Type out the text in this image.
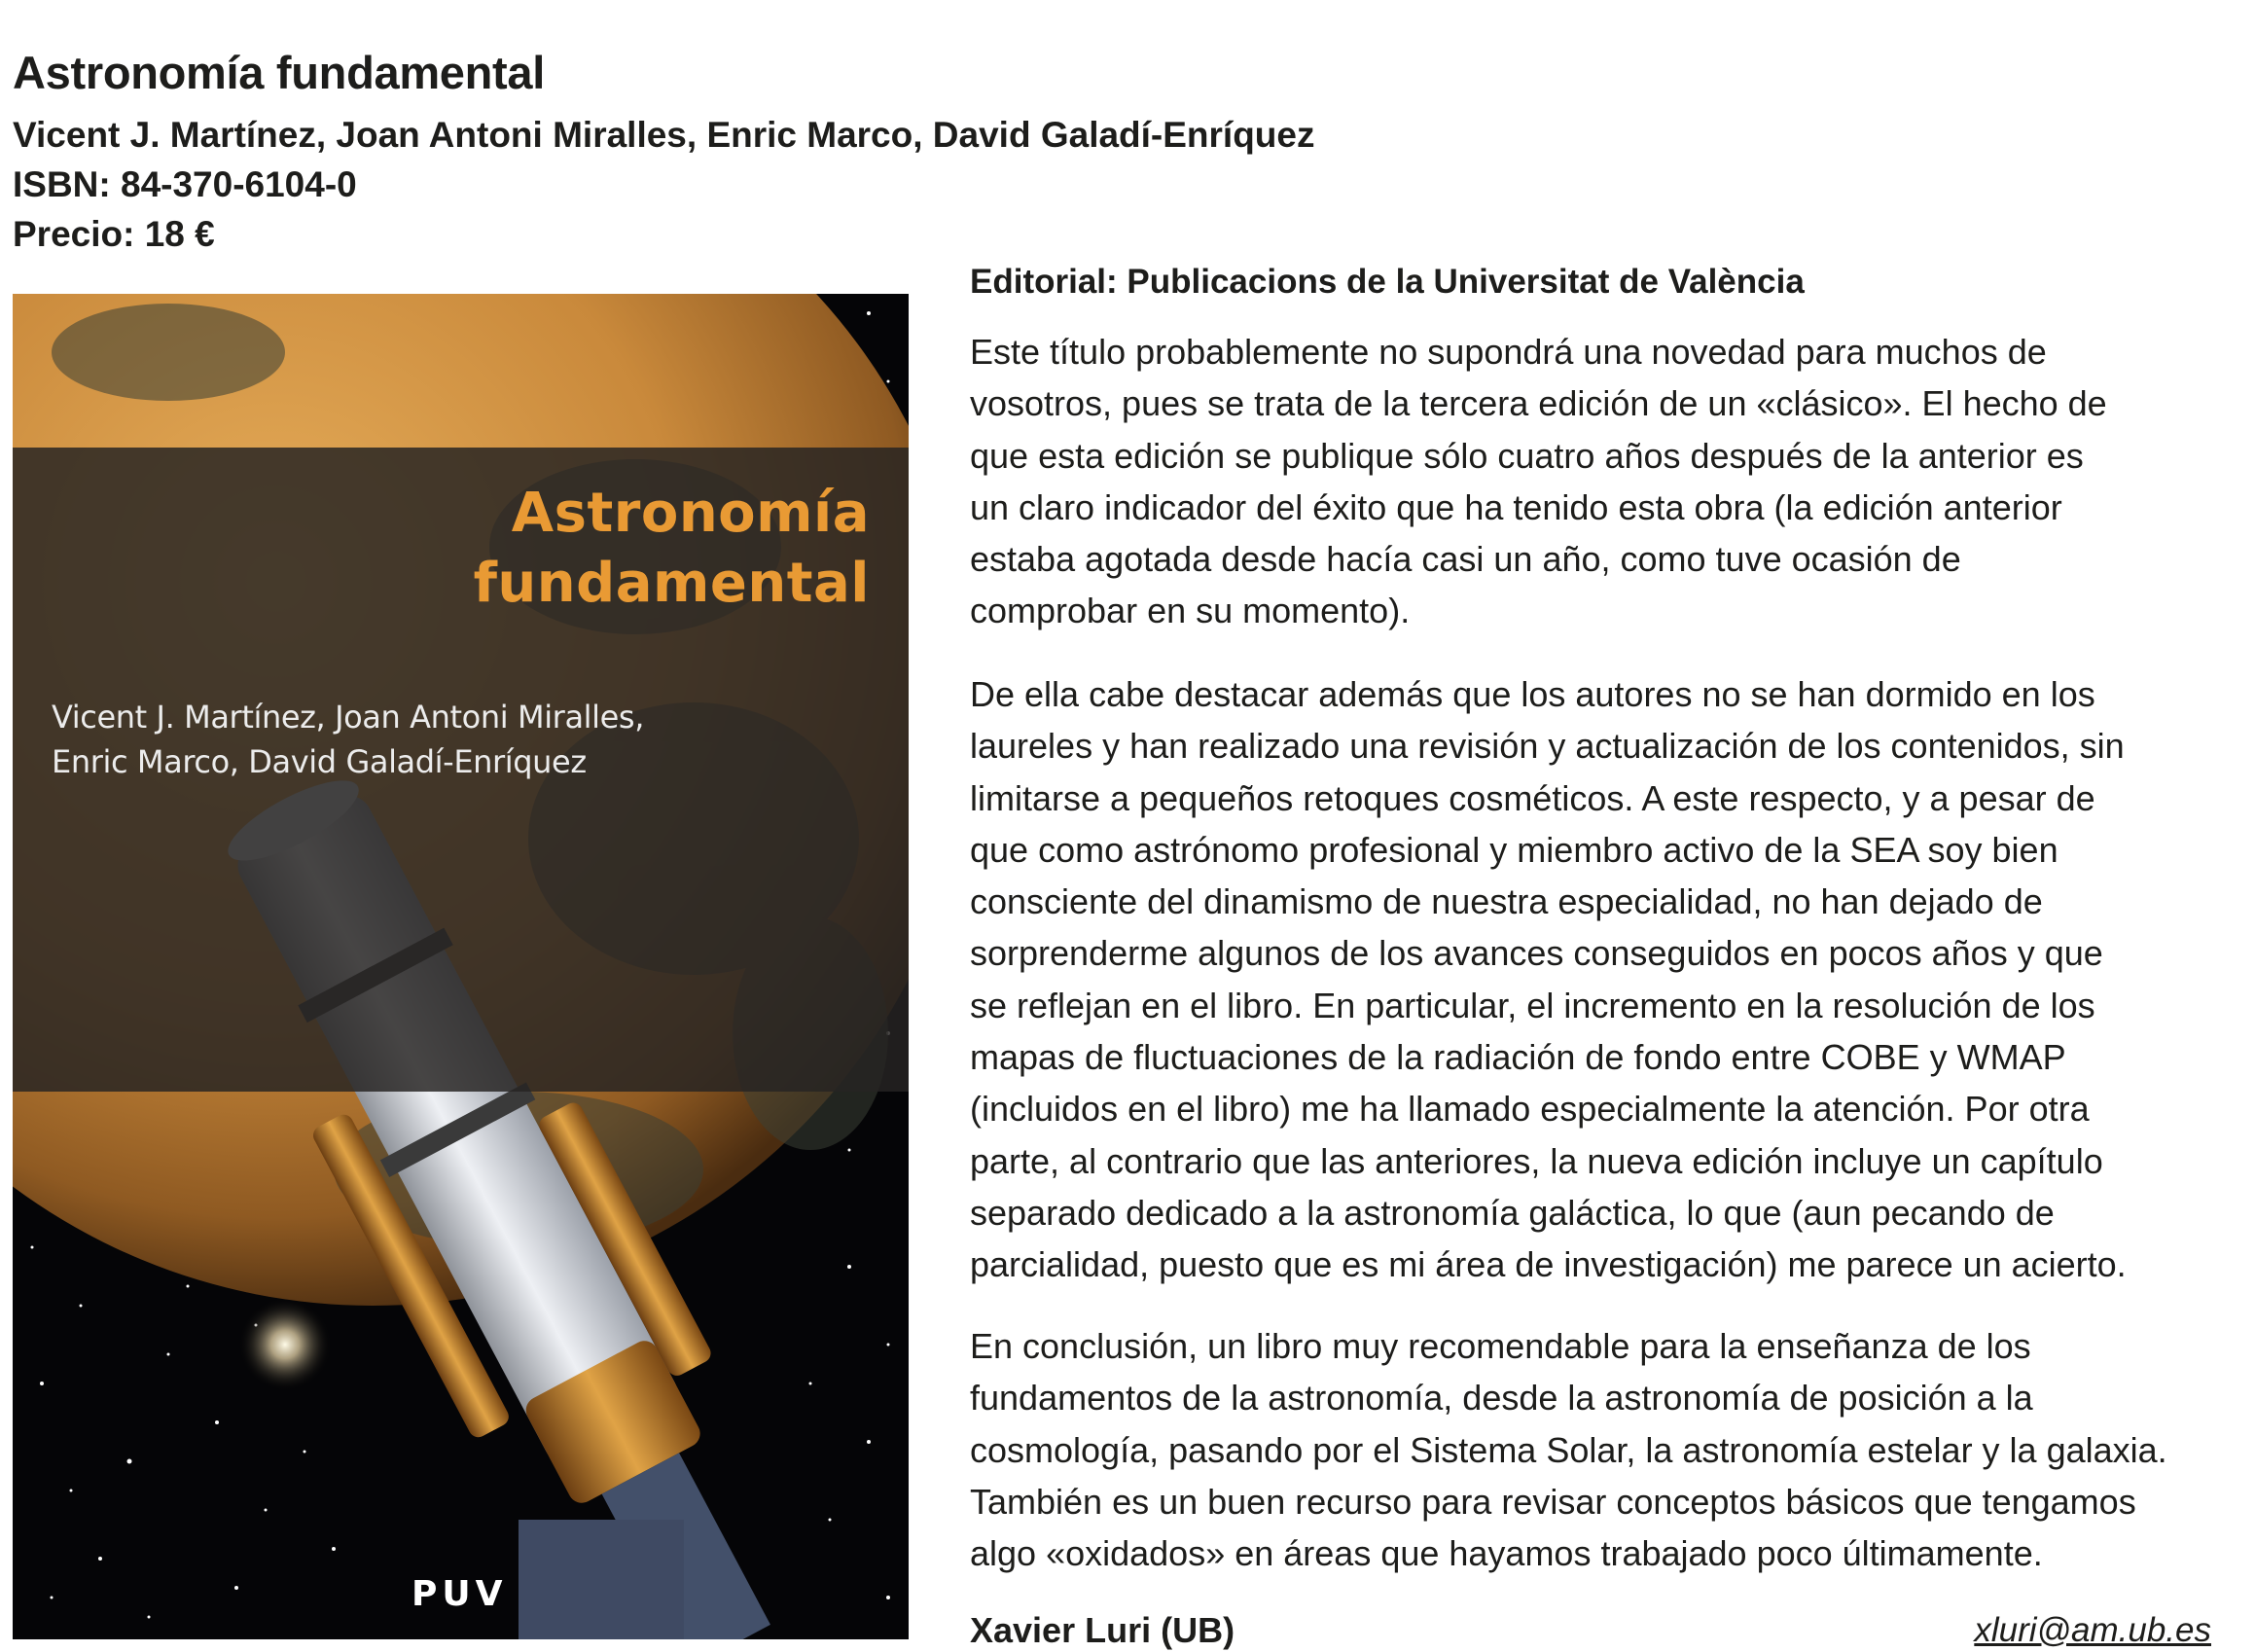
Astronomía fundamental
Vicent J. Martínez, Joan Antoni Miralles, Enric Marco, David Galadí-Enríquez
ISBN: 84-370-6104-0
Precio: 18 €
Astronomía
fundamental
Vicent J. Martínez, Joan Antoni Miralles,
Enric Marco, David Galadí-Enríquez
PUV
Editorial: Publicacions de la Universitat de València
Este título probablemente no supondrá una novedad para muchos de
vosotros, pues se trata de la tercera edición de un «clásico». El hecho de
que esta edición se publique sólo cuatro años después de la anterior es
un claro indicador del éxito que ha tenido esta obra (la edición anterior
estaba agotada desde hacía casi un año, como tuve ocasión de
comprobar en su momento).
De ella cabe destacar además que los autores no se han dormido en los
laureles y han realizado una revisión y actualización de los contenidos, sin
limitarse a pequeños retoques cosméticos. A este respecto, y a pesar de
que como astrónomo profesional y miembro activo de la SEA soy bien
consciente del dinamismo de nuestra especialidad, no han dejado de
sorprenderme algunos de los avances conseguidos en pocos años y que
se reflejan en el libro. En particular, el incremento en la resolución de los
mapas de fluctuaciones de la radiación de fondo entre COBE y WMAP
(incluidos en el libro) me ha llamado especialmente la atención. Por otra
parte, al contrario que las anteriores, la nueva edición incluye un capítulo
separado dedicado a la astronomía galáctica, lo que (aun pecando de
parcialidad, puesto que es mi área de investigación) me parece un acierto.
En conclusión, un libro muy recomendable para la enseñanza de los
fundamentos de la astronomía, desde la astronomía de posición a la
cosmología, pasando por el Sistema Solar, la astronomía estelar y la galaxia.
También es un buen recurso para revisar conceptos básicos que tengamos
algo «oxidados» en áreas que hayamos trabajado poco últimamente.
Xavier Luri (UB)	xluri@am.ub.es
